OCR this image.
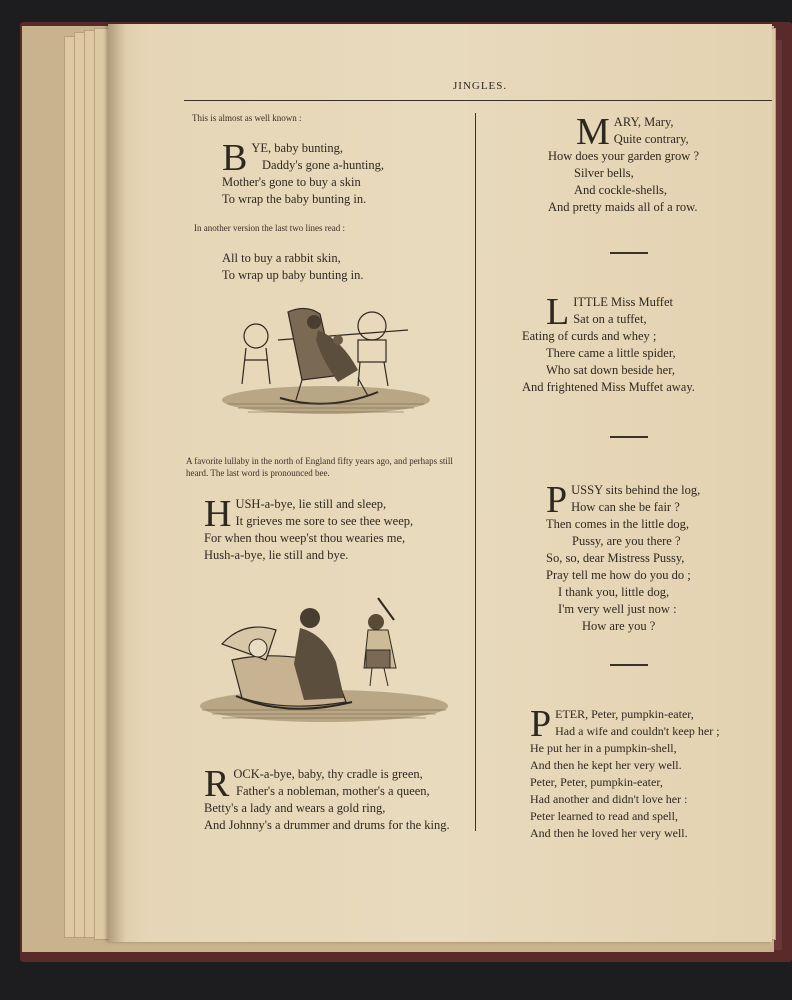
JINGLES.
This is almost as well known :
B YE, baby bunting,
Daddy's gone a-hunting,
Mother's gone to buy a skin
To wrap the baby bunting in.
In another version the last two lines read :
All to buy a rabbit skin,
To wrap up baby bunting in.
A favorite lullaby in the north of England fifty years ago, and perhaps still heard. The last word is pronounced bee.
H USH-a-bye, lie still and sleep,
It grieves me sore to see thee weep,
For when thou weep'st thou wearies me,
Hush-a-bye, lie still and bye.
R OCK-a-bye, baby, thy cradle is green,
Father's a nobleman, mother's a queen,
Betty's a lady and wears a gold ring,
And Johnny's a drummer and drums for the king.
M ARY, Mary,
Quite contrary,
How does your garden grow ?
Silver bells,
And cockle-shells,
And pretty maids all of a row.
L ITTLE Miss Muffet
Sat on a tuffet,
Eating of curds and whey ;
There came a little spider,
Who sat down beside her,
And frightened Miss Muffet away.
P USSY sits behind the log,
How can she be fair ?
Then comes in the little dog,
Pussy, are you there ?
So, so, dear Mistress Pussy,
Pray tell me how do you do ;
I thank you, little dog,
I'm very well just now :
How are you ?
P ETER, Peter, pumpkin-eater,
Had a wife and couldn't keep her ;
He put her in a pumpkin-shell,
And then he kept her very well.
Peter, Peter, pumpkin-eater,
Had another and didn't love her :
Peter learned to read and spell,
And then he loved her very well.
